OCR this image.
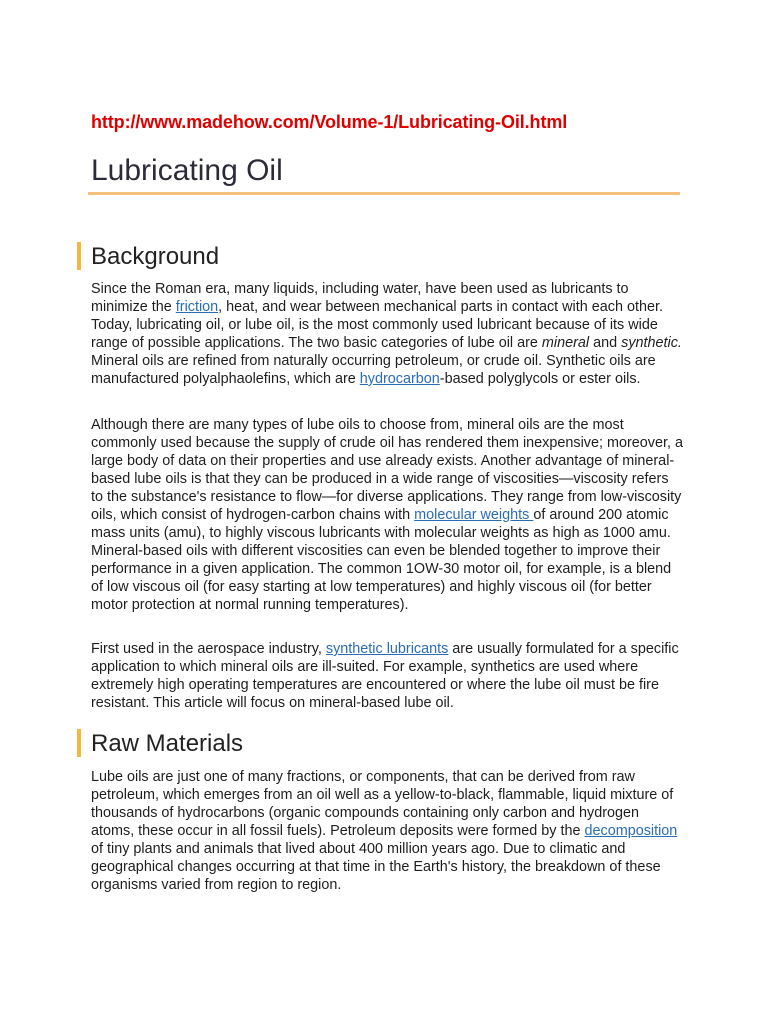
http://www.madehow.com/Volume-1/Lubricating-Oil.html
Lubricating Oil
Background

Since the Roman era, many liquids, including water, have been used as lubricants to minimize the friction, heat, and wear between mechanical parts in contact with each other. Today, lubricating oil, or lube oil, is the most commonly used lubricant because of its wide range of possible applications. The two basic categories of lube oil are mineral and synthetic. Mineral oils are refined from naturally occurring petroleum, or crude oil. Synthetic oils are manufactured polyalphaolefins, which are hydrocarbon-based polyglycols or ester oils.

Although there are many types of lube oils to choose from, mineral oils are the most commonly used because the supply of crude oil has rendered them inexpensive; moreover, a large body of data on their properties and use already exists. Another advantage of mineral-based lube oils is that they can be produced in a wide range of viscosities—viscosity refers to the substance's resistance to flow—for diverse applications. They range from low-viscosity oils, which consist of hydrogen-carbon chains with molecular weights of around 200 atomic mass units (amu), to highly viscous lubricants with molecular weights as high as 1000 amu. Mineral-based oils with different viscosities can even be blended together to improve their performance in a given application. The common 1OW-30 motor oil, for example, is a blend of low viscous oil (for easy starting at low temperatures) and highly viscous oil (for better motor protection at normal running temperatures).

First used in the aerospace industry, synthetic lubricants are usually formulated for a specific application to which mineral oils are ill-suited. For example, synthetics are used where extremely high operating temperatures are encountered or where the lube oil must be fire resistant. This article will focus on mineral-based lube oil.

Raw Materials

Lube oils are just one of many fractions, or components, that can be derived from raw petroleum, which emerges from an oil well as a yellow-to-black, flammable, liquid mixture of thousands of hydrocarbons (organic compounds containing only carbon and hydrogen atoms, these occur in all fossil fuels). Petroleum deposits were formed by the decomposition of tiny plants and animals that lived about 400 million years ago. Due to climatic and geographical changes occurring at that time in the Earth's history, the breakdown of these organisms varied from region to region.
